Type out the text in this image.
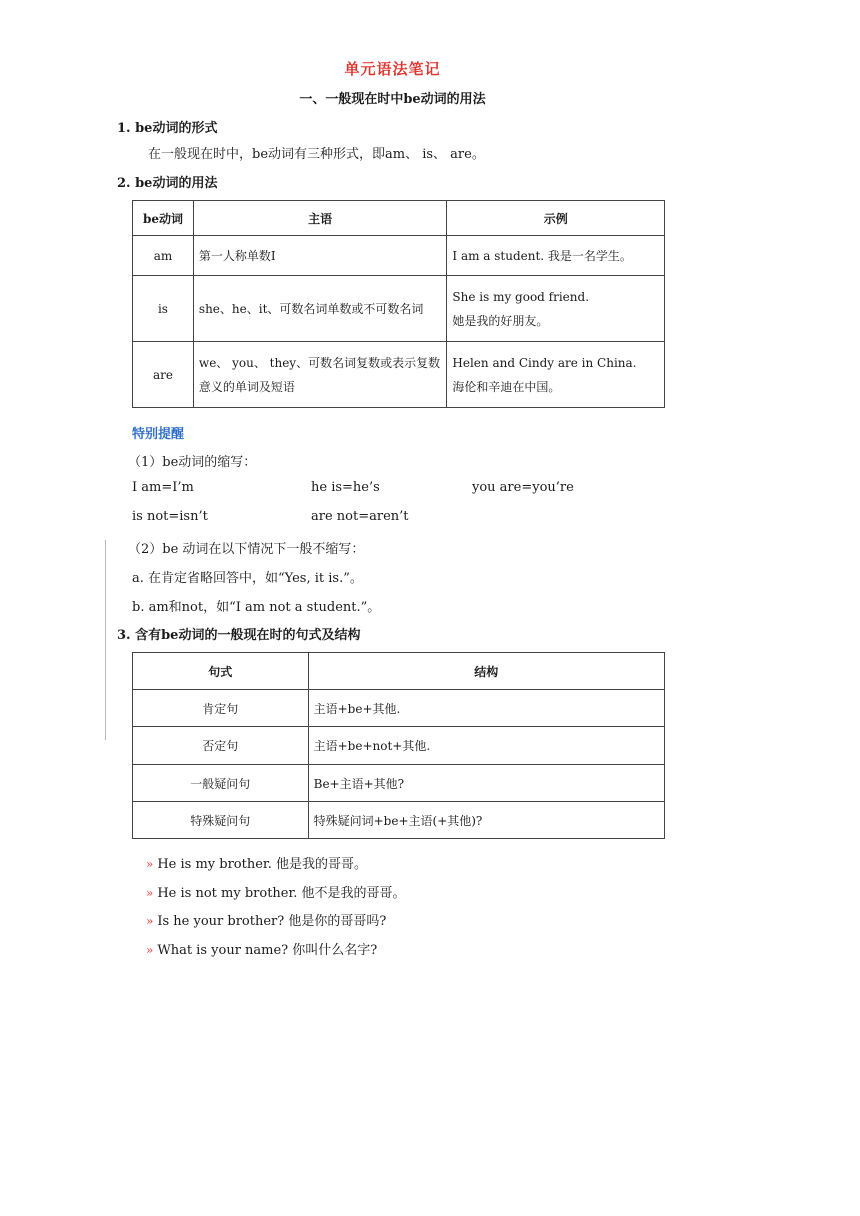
单元语法笔记
一、一般现在时中be动词的用法
1. be动词的形式
在一般现在时中，be动词有三种形式，即am、 is、 are。
2. be动词的用法
be动词	主语	示例
am	第一人称单数I	I am a student. 我是一名学生。

is	she、he、it、可数名词单数或不可数名词	She is my good friend.
她是我的好朋友。

are	we、 you、 they、可数名词复数或表示复数意义的单词及短语	Helen and Cindy are in China.
海伦和辛迪在中国。
特别提醒
（1）be动词的缩写：
I am=I’m	he is=he’s	you are=you’re
is not=isn’t	are not=aren’t
（2）be 动词在以下情况下一般不缩写：
a. 在肯定省略回答中，如“Yes, it is.”。
b. am和not，如“I am not a student.”。
3. 含有be动词的一般现在时的句式及结构
句式	结构
肯定句	主语+be+其他.
否定句	主语+be+not+其他.
一般疑问句	Be+主语+其他?
特殊疑问句	特殊疑问词+be+主语(+其他)?
» He is my brother. 他是我的哥哥。
» He is not my brother. 他不是我的哥哥。
» Is he your brother? 他是你的哥哥吗?
» What is your name? 你叫什么名字?
